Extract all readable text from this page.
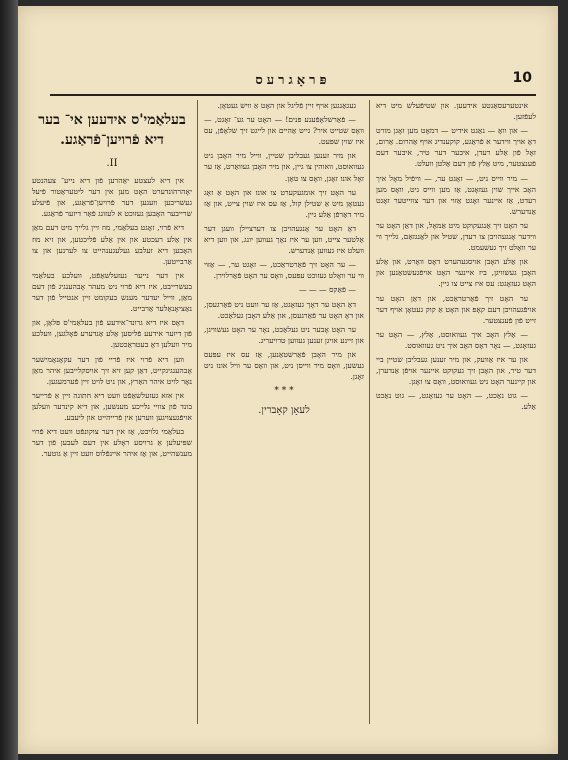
10
פּראָגרעס

אינטערעסאַנטע אידעען. און שטיפֿעלש מיט דיא לעפֿזען.

— און וואָ — נאַגט אידיט — דמאָט מען זאָגן מורט דאָ אויך ווידער א פֿראַגע, קוקענדיג אויף אַהרום. אַרום, זאָל פֿון אַלע רעדן, איבער דער טיר, איבער דעם פֿענצטער, מיט אַלץ פֿון דעם אַלטן וועלט.

— מיר ווייס ניט, — זאָגט ער, — וויפֿיל מאָל איך האָב אייך שוין געזאָגט, אַז מען ווייס ניט, וואָס מען רעדט, אַז איינער זאָגט אַזוי און דער צווייטער זאָגט אַנדערש.

ער האָט זיך אַנגעקוקט מיט אַמאָל, און דאַן האָט ער ווידער אָנגעהויבן צו רעדן, שטיל און לאַנגזאַם, גלייך ווי ער וואָלט זיך געשעמט.

און אַלע האָבן אויסגעהערט דאָס וואָרט, און אַלע האָבן געשוויגן, ביז איינער האָט אויפֿגעשטאַנען און האָט געזאָגט: עס איז צייט צו גיין.

ער האָט זיך פֿאַרטראַכט, און דאַן האָט ער אויפֿגעהויבן דעם קאָפּ און האָט אַ קוק געטאָן אויף דער זייט פֿון פֿענצטער.

— אַלץ האָב איך געוואוסט, אַלץ, — האָט ער געזאָגט, — נאָר דאָס האָב איך ניט געוואוסט.

און ער איז אַוועק, און מיר זענען געבליבן שטיין ביי דער טיר, און האָבן זיך געקוקט איינער אויפֿן אַנדערן, און קיינער האָט ניט געוואוסט, וואָס צו זאָגן.

— גוט נאַכט, — האָט ער געזאָגט, — גוט נאַכט אַלע.

געגאַנגען אויף זיין פֿליגל און האָט אַ וויש געטאָן.

— פֿאַרשלאָפֿענע פּנים! — האָט ער גע־ זאָגט, — וואָס שטייט איר? גייט אַהיים און לייגט זיך שלאָפֿן, עס איז שוין שפּעט.

און מיר זענען געבליבן שטיין, ווייל מיר האָבן ניט געוואוסט, וואוהין צו גיין, און מיר האָבן געוואַרט, אַז ער זאָל אונז זאָגן, וואָס צו טאָן.

ער האָט זיך אומגעקערט צו אונז און האָט אַ זאָג געטאָן מיט אַ שטילן קול, אַז עס איז שוין צייט, און אַז מיר דאַרפֿן אַלע גיין.

דאָ האָט ער אָנגעהויבן צו דערציילן וועגן דער אַלטער צייט, ווען ער איז נאָך געווען יונג, און ווען דיא וועלט איז געווען אַנדערש.

— ער האָט זיך פֿאַרטראַכט, — זאָגט ער, — אַזוי ווי ער וואָלט געזוכט עפּעס, וואָס ער האָט פֿאַרלוירן.

— פֿאַקס — — —

דאָ האָט ער דאָך געזאָגט, אַז ער וועט ניט פֿאַרגעסן, און דאָ האָט ער פֿאַרגעסן, און אַלע האָבן געלאַכט.

ער האָט אָבער ניט געלאַכט, נאָר ער האָט געשוויגן, און זיינע אויגן זענען געווען טרויעריג.

און מיר האָבן פֿאַרשטאַנען, אַז עס איז עפּעס געשען, וואָס מיר ווייסן ניט, און וואָס ער וויל אונז ניט זאָגן.

* * *
לעאָן קאָברין.
בעלאַמי'ס אידעען אי־ בער דיא פֿרויען־פֿראַגע.
II.

אין דיא לעצטע יאַהרען פֿון דיא נייע־ צעהנטע יאָהרהונדערט האָט מען אין דער ליטעראַטור פֿיעל געשריבען וועגען דער פֿרויען־פֿראַגע, און פֿיעלע שרייבער האָבען געזוכט א לעזונג פֿאַר דיזער פֿראַגע.

דיא פֿרוי, זאָגט בעלאַמי, מוז זיין גלייך מיט דעם מאַן אין אַלע רעכטע און אין אַלע פֿליכטען, און זיא מוז האָבען דיא זעלבע געלעגענהייט צו לערנען און צו אַרבייטען.

אין דער נייער געזעלשאַפֿט, וועלכע בעלאַמי בעשרייבט, איז דיא פֿרוי ניט מעהר אָבהענגיג פֿון דעם מאַן, ווייל יעדער מענש בעקומט זיין אנטייל פֿון דער נאַציאָנאַלער אַרבייט.

דאָס איז דיא גרונד־אידעע פֿון בעלאַמי'ס פּלאַן, און פֿון דיזער אידעע פֿליסען אַלע אַנדערע פֿאָלגען, וועלכע מיר וועלען דאָ בעטראַכטען.

ווען דיא פֿרוי איז פֿריי פֿון דער עקאָנאָמישער אָבהענגיגקייט, דאַן קען זיא זיך אויסקלייבען איהר מאַן נאָר לויט איהר האַרץ, און ניט לויט זיין פֿערמעגען.

אין אזא געזעלשאַפֿט וועט דיא חתונה זיין אַ פֿרייער בונד פֿון צוויי גלייכע מענשען, און דיא קינדער וועלען אויפֿגעצויגען ווערען אין פֿרייהייט און ליעבע.

בעלאַמי גלויבט, אַז אין דער צוקונפֿט וועט דיא פֿרוי שפּיעלען אַ גרויסע ראָלע אין דעם לעבען פֿון דער מענשהייט, און אַז איהר איינפֿלוס וועט זיין אַ גוטער.
